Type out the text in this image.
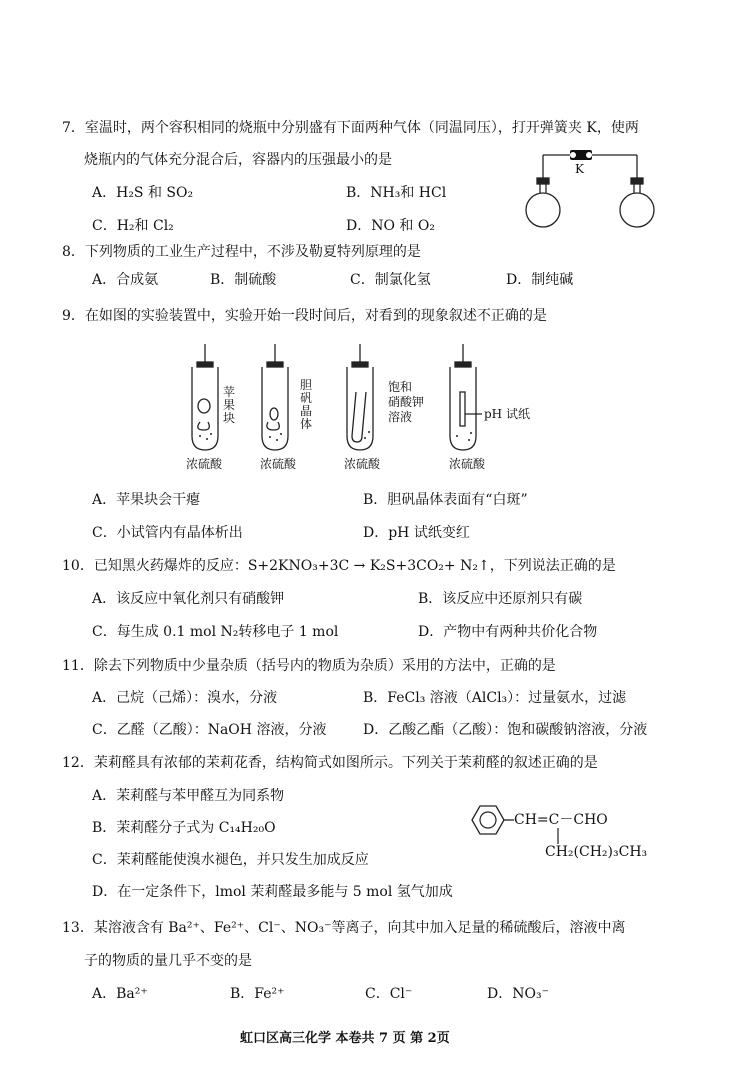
7．室温时，两个容积相同的烧瓶中分别盛有下面两种气体（同温同压），打开弹簧夹 K，使两
烧瓶内的气体充分混合后，容器内的压强最小的是
A．H₂S 和 SO₂	B．NH₃和 HCl
C．H₂和 Cl₂	D．NO 和 O₂
K
8．下列物质的工业生产过程中，不涉及勒夏特列原理的是
A．合成氨	B．制硫酸	C．制氯化氢	D．制纯碱
9．在如图的实验装置中，实验开始一段时间后，对看到的现象叙述不正确的是
苹果块
胆矾晶体
饱和
硝酸钾
溶液	pH 试纸
浓硫酸	浓硫酸	浓硫酸	浓硫酸
A．苹果块会干瘪	B．胆矾晶体表面有“白斑”
C．小试管内有晶体析出	D．pH 试纸变红
10．已知黑火药爆炸的反应：S+2KNO₃+3C → K₂S+3CO₂+ N₂↑，下列说法正确的是
A．该反应中氧化剂只有硝酸钾	B．该反应中还原剂只有碳
C．每生成 0.1 mol N₂转移电子 1 mol	D．产物中有两种共价化合物
11．除去下列物质中少量杂质（括号内的物质为杂质）采用的方法中，正确的是
A．己烷（己烯）：溴水，分液	B．FeCl₃ 溶液（AlCl₃）：过量氨水，过滤
C．乙醛（乙酸）：NaOH 溶液，分液	D．乙酸乙酯（乙酸）：饱和碳酸钠溶液，分液
12．茉莉醛具有浓郁的茉莉花香，结构简式如图所示。下列关于茉莉醛的叙述正确的是
A．茉莉醛与苯甲醛互为同系物
B．茉莉醛分子式为 C₁₄H₂₀O
C．茉莉醛能使溴水褪色，并只发生加成反应
D．在一定条件下，lmol 茉莉醛最多能与 5 mol 氢气加成
CH=C－CHO
CH₂(CH₂)₃CH₃
13．某溶液含有 Ba²⁺、Fe²⁺、Cl⁻、NO₃⁻等离子，向其中加入足量的稀硫酸后，溶液中离
子的物质的量几乎不变的是
A．Ba²⁺	B．Fe²⁺	C．Cl⁻	D．NO₃⁻
虹口区高三化学 本卷共 7 页 第 2页
